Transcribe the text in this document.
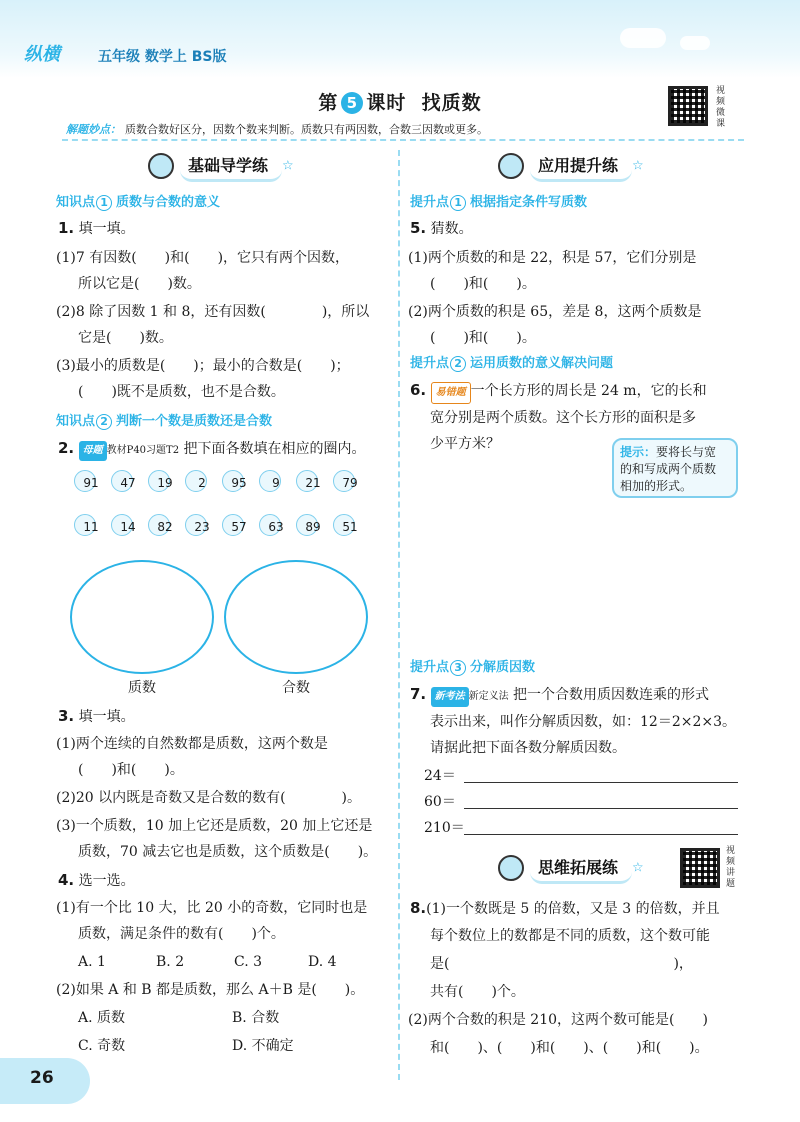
纵横	五年级 数学上 BS版
第 5 课时 找质数
视频微课
解题妙点： 质数合数好区分，因数个数来判断。质数只有两因数，合数三因数或更多。
基础导学练 ☆
知识点 1 质数与合数的意义
1. 填一填。
(1)7 有因数(　　)和(　　)，它只有两个因数，
所以它是(　　)数。
(2)8 除了因数 1 和 8，还有因数(　　　　)，所以
它是(　　)数。
(3)最小的质数是(　　)；最小的合数是(　　)；
(　　)既不是质数，也不是合数。
知识点 2 判断一个数是质数还是合数
2. 母题 教材P40习题T2 把下面各数填在相应的圈内。
91	47	19	2	95	9	21	79
11	14	82	23	57	63	89	51
质数	合数
3. 填一填。
(1)两个连续的自然数都是质数，这两个数是
(　　)和(　　)。
(2)20 以内既是奇数又是合数的数有(　　　　)。
(3)一个质数，10 加上它还是质数，20 加上它还是
质数，70 减去它也是质数，这个质数是(　　)。
4. 选一选。
(1)有一个比 10 大，比 20 小的奇数，它同时也是
质数，满足条件的数有(　　)个。
A. 1	B. 2	C. 3	D. 4
(2)如果 A 和 B 都是质数，那么 A＋B 是(　　)。
A. 质数	B. 合数
C. 奇数	D. 不确定
应用提升练 ☆
提升点 1 根据指定条件写质数
5. 猜数。
(1)两个质数的和是 22，积是 57，它们分别是
(　　)和(　　)。
(2)两个质数的积是 65，差是 8，这两个质数是
(　　)和(　　)。
提升点 2 运用质数的意义解决问题
6. 易错题 一个长方形的周长是 24 m，它的长和
宽分别是两个质数。这个长方形的面积是多
少平方米？	提示：要将长与宽
的和写成两个质数
相加的形式。
提升点 3 分解质因数
7. 新考法 新定义法 把一个合数用质因数连乘的形式
表示出来，叫作分解质因数，如：12＝2×2×3。
请据此把下面各数分解质因数。
24＝
60＝
210＝
思维拓展练 ☆
视频讲题
8.(1)一个数既是 5 的倍数，又是 3 的倍数，并且
每个数位上的数都是不同的质数，这个数可能
是(　　　　　　　　　　　　　　　　)，
共有(　　)个。
(2)两个合数的积是 210，这两个数可能是(　　)
和(　　)、(　　)和(　　)、(　　)和(　　)。
26
